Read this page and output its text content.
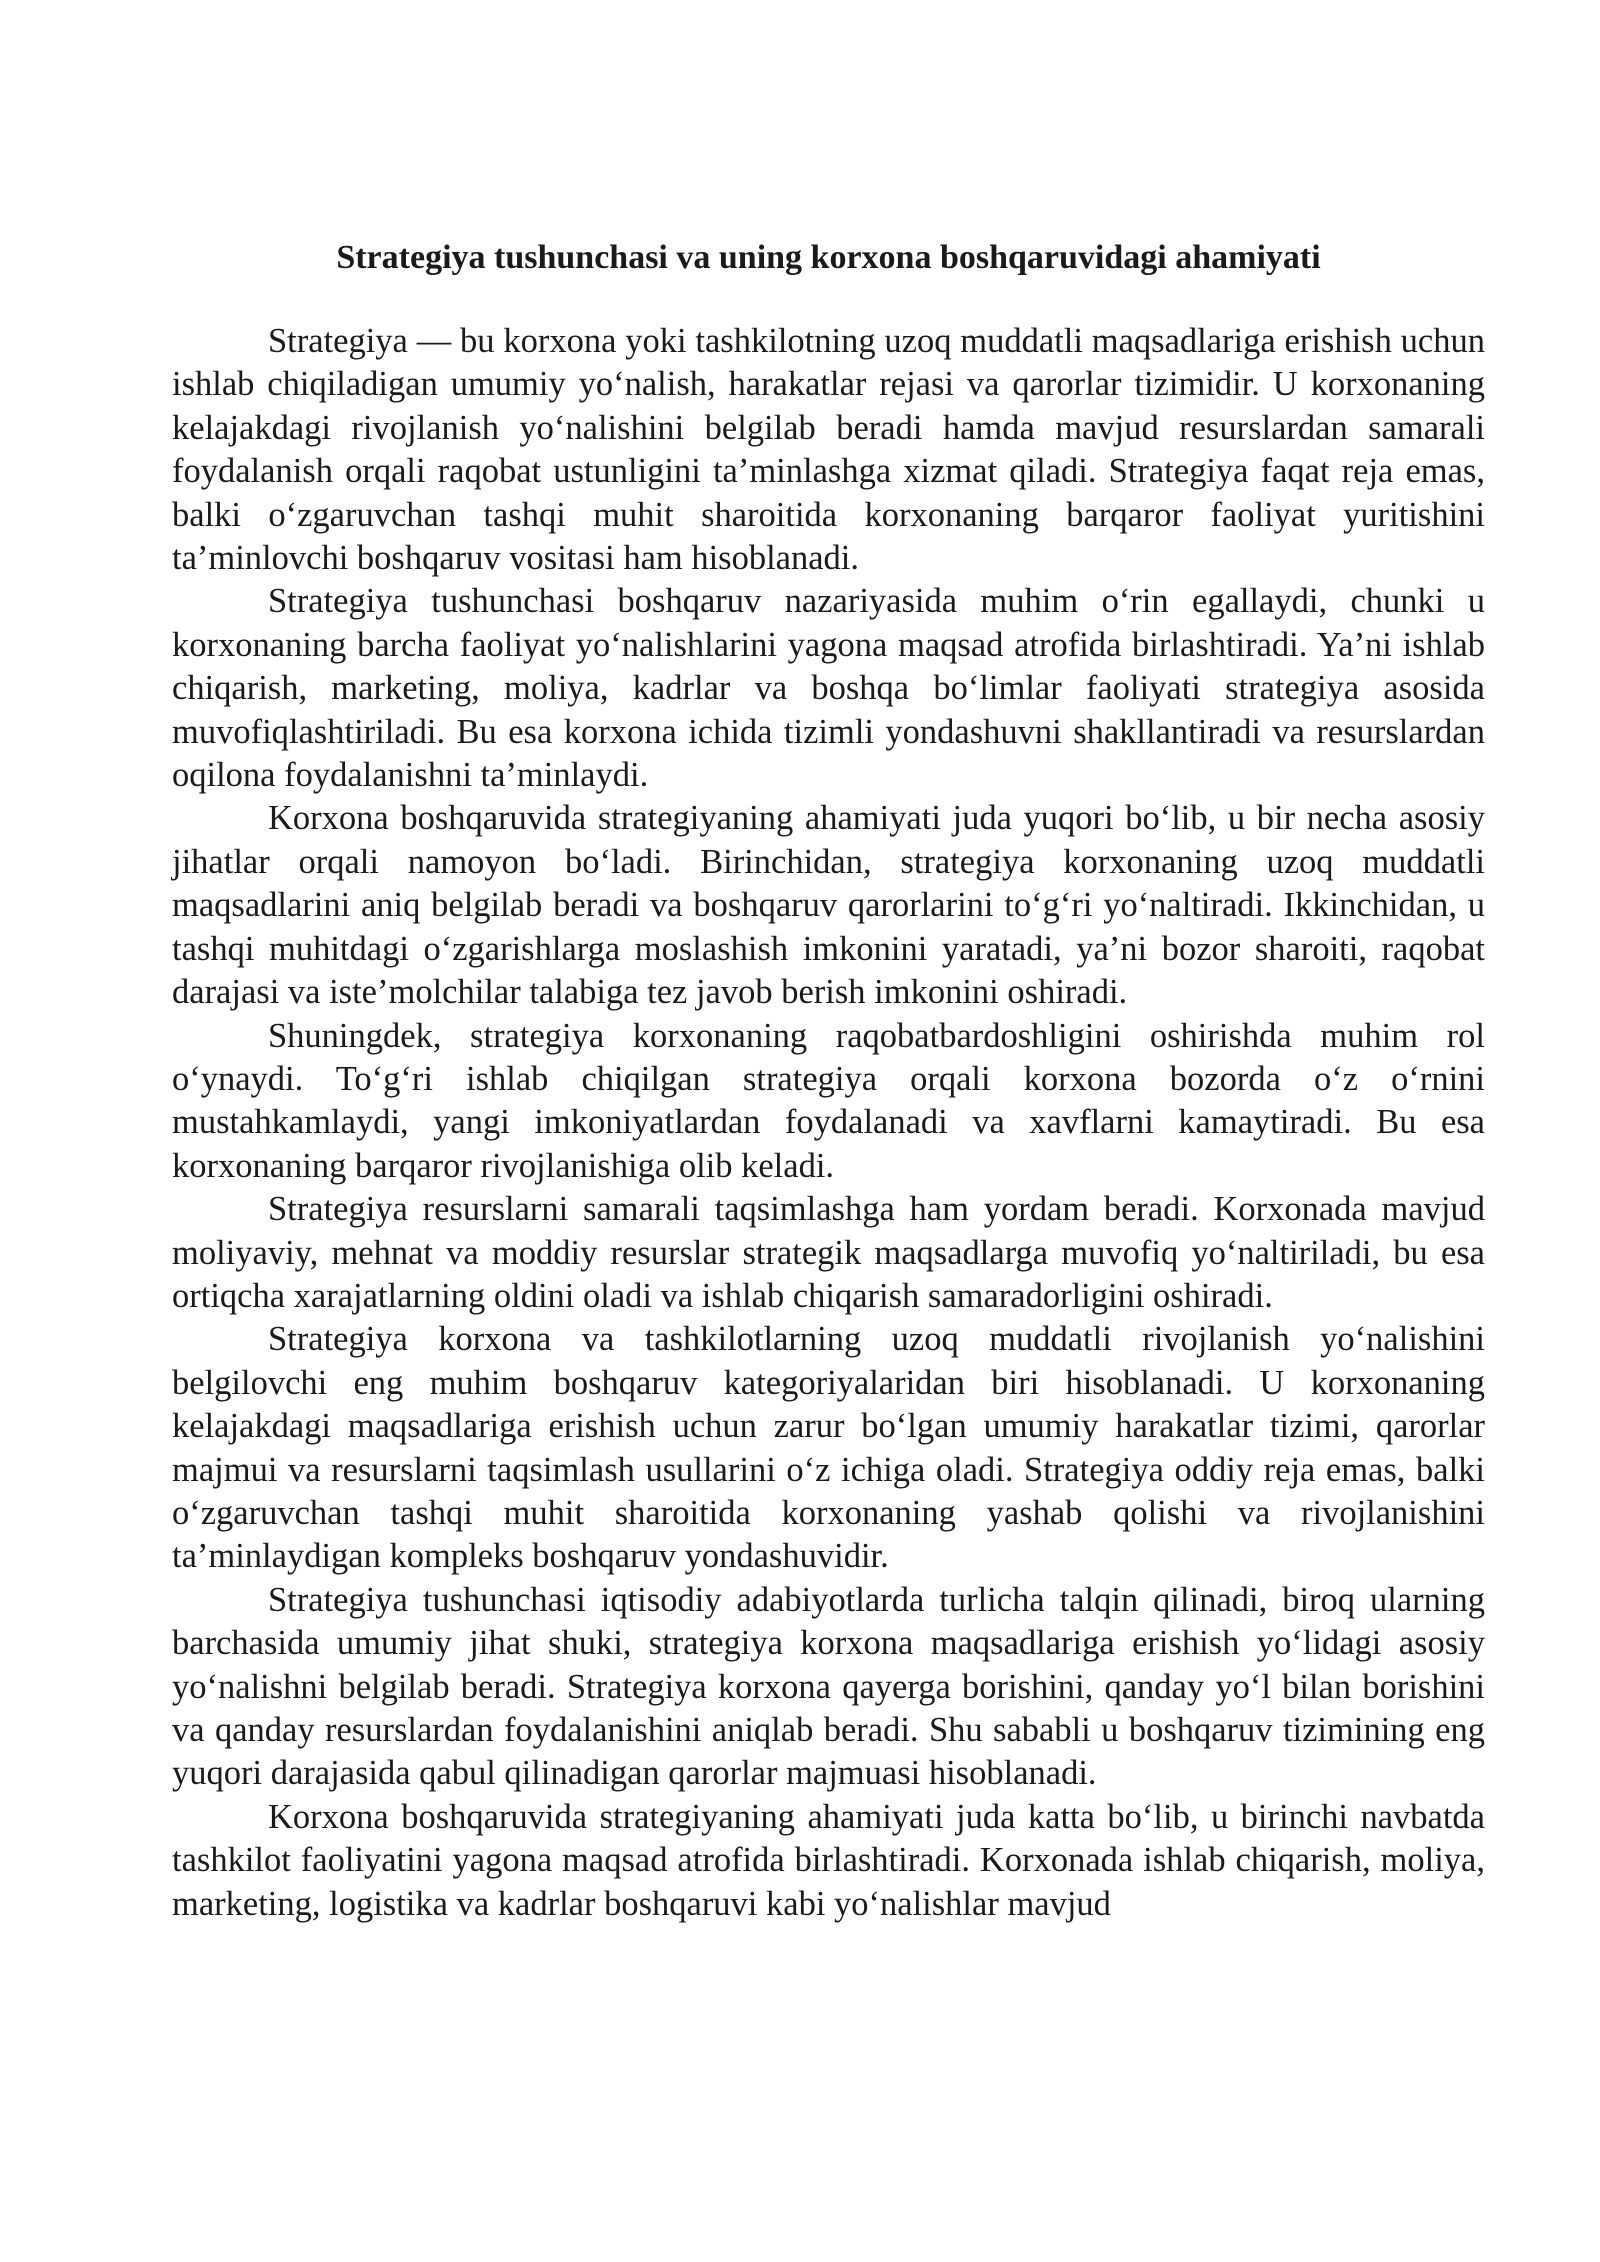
Strategiya tushunchasi va uning korxona boshqaruvidagi ahamiyati

Strategiya — bu korxona yoki tashkilotning uzoq muddatli maqsadlariga erishish uchun ishlab chiqiladigan umumiy yo‘nalish, harakatlar rejasi va qarorlar tizimidir. U korxonaning kelajakdagi rivojlanish yo‘nalishini belgilab beradi hamda mavjud resurslardan samarali foydalanish orqali raqobat ustunligini ta’minlashga xizmat qiladi. Strategiya faqat reja emas, balki o‘zgaruvchan tashqi muhit sharoitida korxonaning barqaror faoliyat yuritishini ta’minlovchi boshqaruv vositasi ham hisoblanadi.

Strategiya tushunchasi boshqaruv nazariyasida muhim o‘rin egallaydi, chunki u korxonaning barcha faoliyat yo‘nalishlarini yagona maqsad atrofida birlashtiradi. Ya’ni ishlab chiqarish, marketing, moliya, kadrlar va boshqa bo‘limlar faoliyati strategiya asosida muvofiqlashtiriladi. Bu esa korxona ichida tizimli yondashuvni shakllantiradi va resurslardan oqilona foydalanishni ta’minlaydi.

Korxona boshqaruvida strategiyaning ahamiyati juda yuqori bo‘lib, u bir necha asosiy jihatlar orqali namoyon bo‘ladi. Birinchidan, strategiya korxonaning uzoq muddatli maqsadlarini aniq belgilab beradi va boshqaruv qarorlarini to‘g‘ri yo‘naltiradi. Ikkinchidan, u tashqi muhitdagi o‘zgarishlarga moslashish imkonini yaratadi, ya’ni bozor sharoiti, raqobat darajasi va iste’molchilar talabiga tez javob berish imkonini oshiradi.

Shuningdek, strategiya korxonaning raqobatbardoshligini oshirishda muhim rol o‘ynaydi. To‘g‘ri ishlab chiqilgan strategiya orqali korxona bozorda o‘z o‘rnini mustahkamlaydi, yangi imkoniyatlardan foydalanadi va xavflarni kamaytiradi. Bu esa korxonaning barqaror rivojlanishiga olib keladi.

Strategiya resurslarni samarali taqsimlashga ham yordam beradi. Korxonada mavjud moliyaviy, mehnat va moddiy resurslar strategik maqsadlarga muvofiq yo‘naltiriladi, bu esa ortiqcha xarajatlarning oldini oladi va ishlab chiqarish samaradorligini oshiradi.

Strategiya korxona va tashkilotlarning uzoq muddatli rivojlanish yo‘nalishini belgilovchi eng muhim boshqaruv kategoriyalaridan biri hisoblanadi. U korxonaning kelajakdagi maqsadlariga erishish uchun zarur bo‘lgan umumiy harakatlar tizimi, qarorlar majmui va resurslarni taqsimlash usullarini o‘z ichiga oladi. Strategiya oddiy reja emas, balki o‘zgaruvchan tashqi muhit sharoitida korxonaning yashab qolishi va rivojlanishini ta’minlaydigan kompleks boshqaruv yondashuvidir.

Strategiya tushunchasi iqtisodiy adabiyotlarda turlicha talqin qilinadi, biroq ularning barchasida umumiy jihat shuki, strategiya korxona maqsadlariga erishish yo‘lidagi asosiy yo‘nalishni belgilab beradi. Strategiya korxona qayerga borishini, qanday yo‘l bilan borishini va qanday resurslardan foydalanishini aniqlab beradi. Shu sababli u boshqaruv tizimining eng yuqori darajasida qabul qilinadigan qarorlar majmuasi hisoblanadi.

Korxona boshqaruvida strategiyaning ahamiyati juda katta bo‘lib, u birinchi navbatda tashkilot faoliyatini yagona maqsad atrofida birlashtiradi. Korxonada ishlab chiqarish, moliya, marketing, logistika va kadrlar boshqaruvi kabi yo‘nalishlar mavjud
